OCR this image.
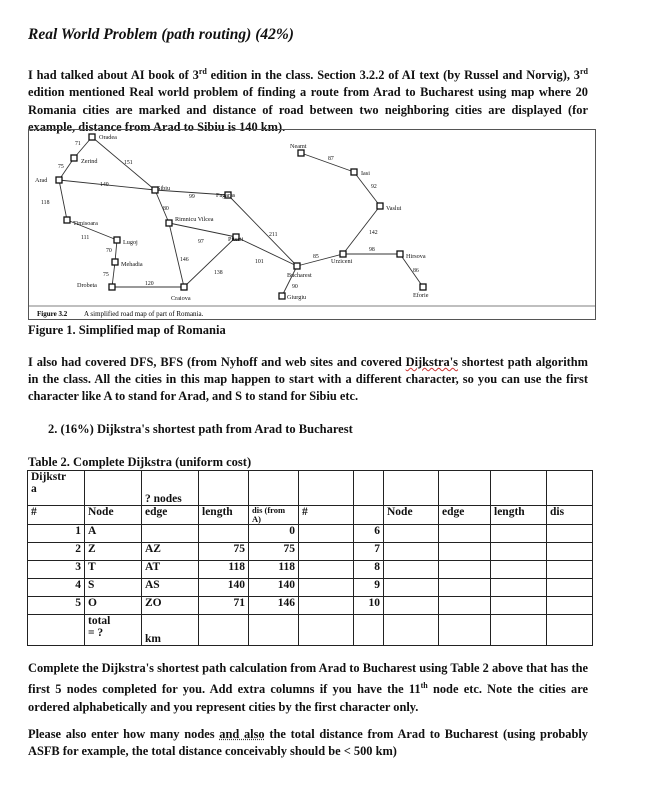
Real World Problem (path routing) (42%)
I had talked about AI book of 3rd edition in the class. Section 3.2.2 of AI text (by Russel and Norvig), 3rd edition mentioned Real world problem of finding a route from Arad to Bucharest using map where 20 Romania cities are marked and distance of road between two neighboring cities are displayed (for example, distance from Arad to Sibiu is 140 km).
Oradea
Zerind
Arad
Timisoara
Lugoj
Mehadia
Drobeta
Sibiu
Fagaras
Rimnicu Vilcea
Pitesti
Craiova
Bucharest
Giurgiu
Urziceni
Hirsova
Eforie
Vaslui
Iasi
Neamt
71
75
151
140
118
111
70
75
120
99
80
97
146
138
211
101
90
85
98
86
142
92
87
Figure 3.2 A simplified road map of part of Romania.
Figure 1. Simplified map of Romania
I also had covered DFS, BFS (from Nyhoff and web sites and covered Dijkstra's shortest path algorithm in the class. All the cities in this map happen to start with a different character, so you can use the first character like A to stand for Arad, and S to stand for Sibiu etc.
2. (16%) Dijkstra's shortest path from Arad to Bucharest
Table 2. Complete Dijkstra (uniform cost)
Dijkstr
a		? nodes								

#	Node	edge	length	dis (from A)	#		Node	edge	length	dis
1	A			0		6				
2	Z	AZ	75	75		7				
3	T	AT	118	118		8				
4	S	AS	140	140		9				
5	O	ZO	71	146		10				
	total
= ?	km								
Complete the Dijkstra's shortest path calculation from Arad to Bucharest using Table 2 above that has the first 5 nodes completed for you. Add extra columns if you have the 11th node etc. Note the cities are ordered alphabetically and you represent cities by the first character only.
Please also enter how many nodes and also the total distance from Arad to Bucharest (using probably ASFB for example, the total distance conceivably should be < 500 km)
